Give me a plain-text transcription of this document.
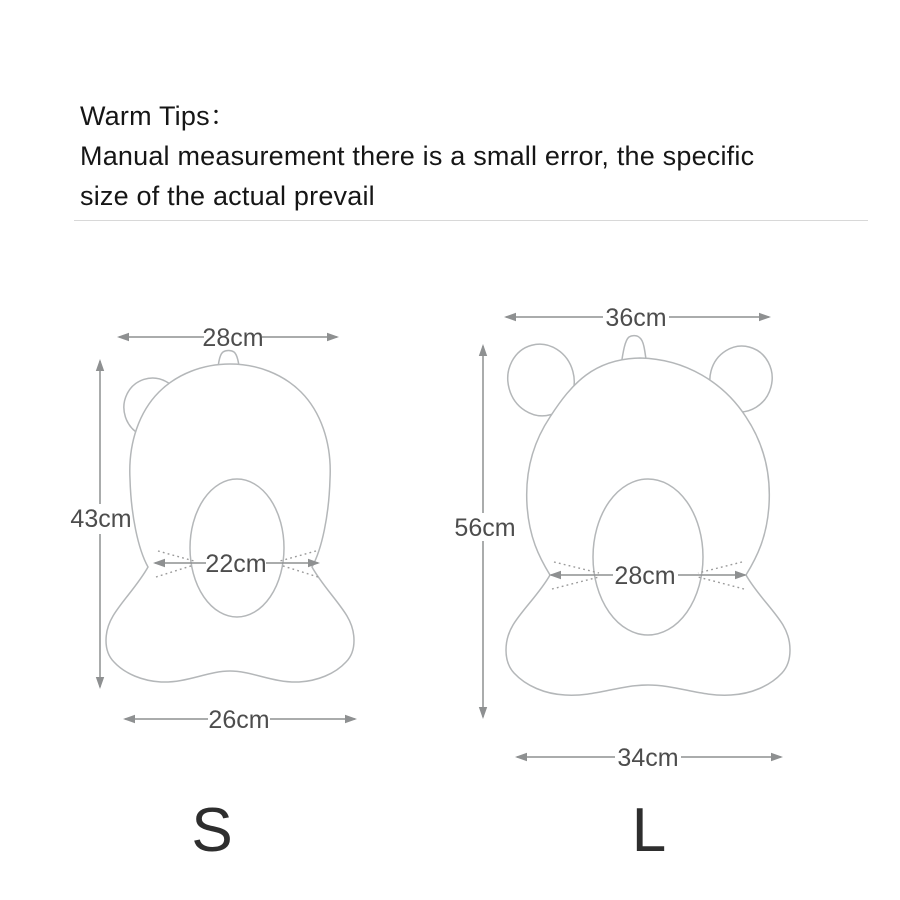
Warm Tips：
Manual measurement there is a small error, the specific
size of the actual prevail
28cm
43cm
22cm
26cm
S
36cm
56cm
28cm
34cm
L
